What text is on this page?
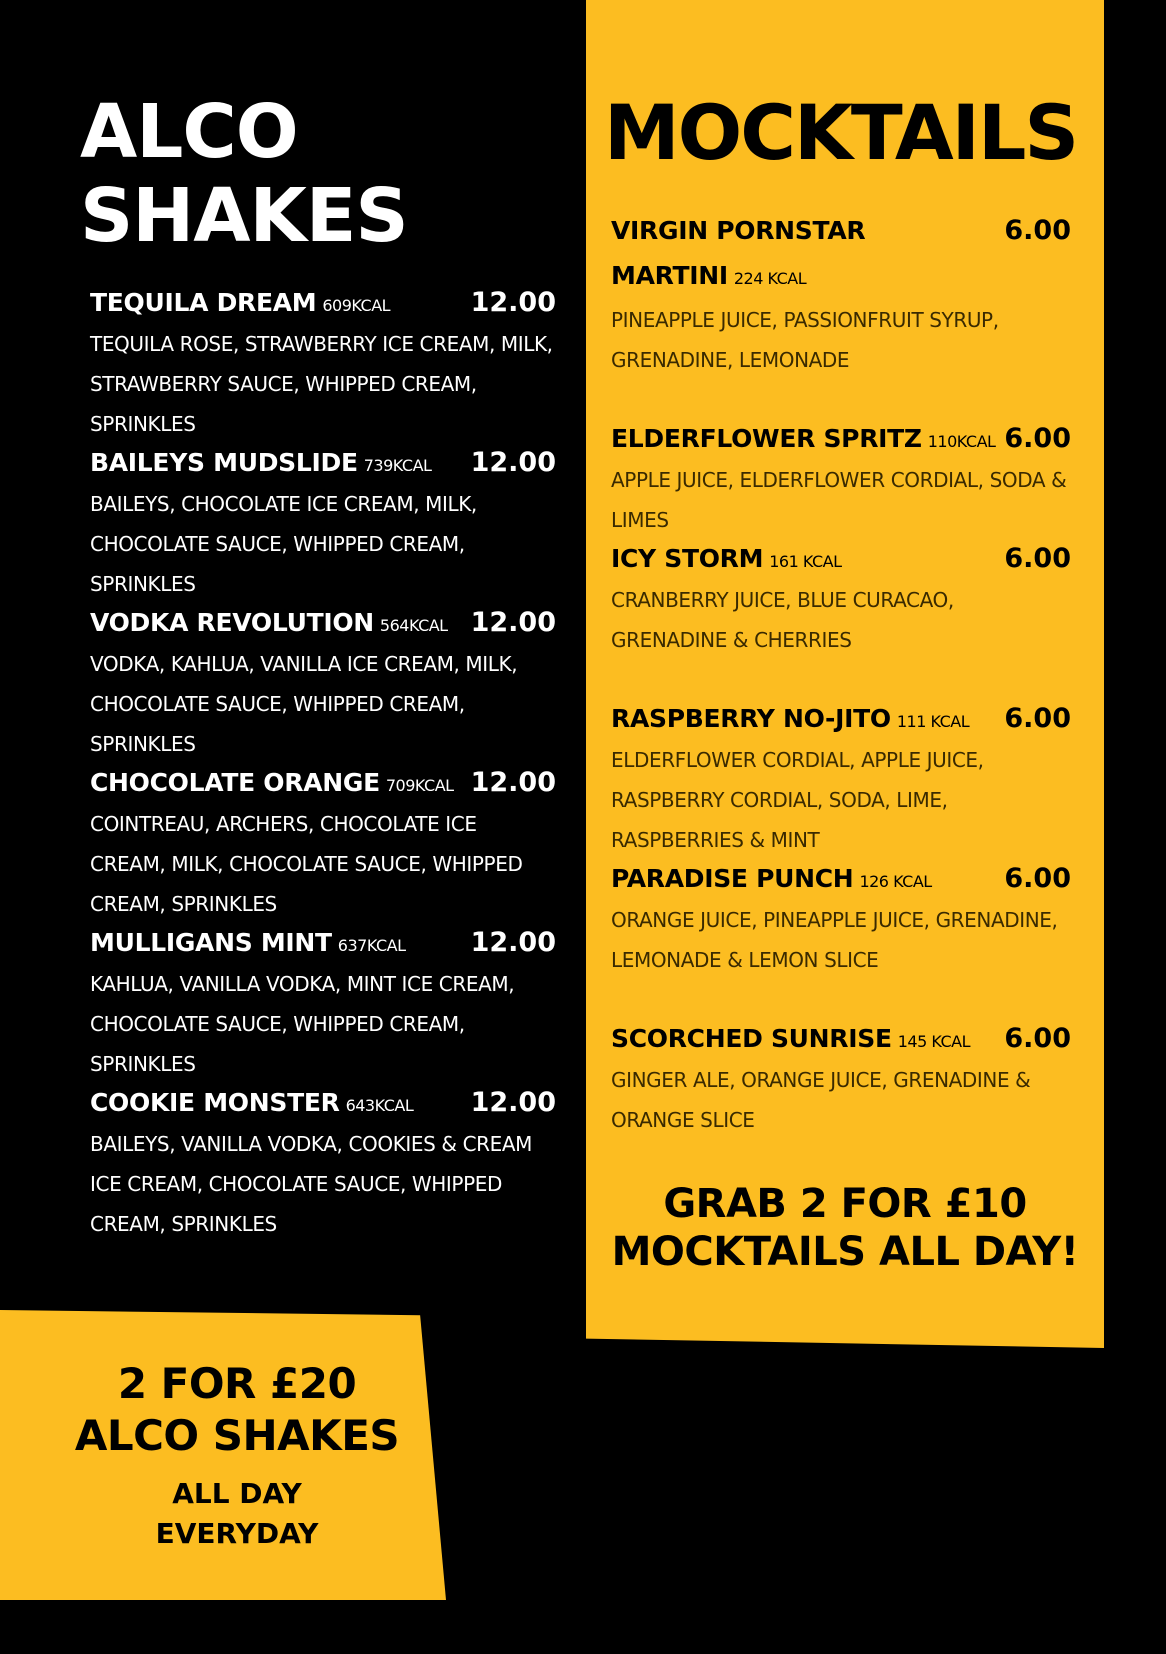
ALCO
SHAKES
TEQUILA DREAM 609KCAL	12.00
TEQUILA ROSE, STRAWBERRY ICE CREAM, MILK, STRAWBERRY SAUCE, WHIPPED CREAM, SPRINKLES
BAILEYS MUDSLIDE 739KCAL 12.00
BAILEYS, CHOCOLATE ICE CREAM, MILK, CHOCOLATE SAUCE, WHIPPED CREAM, SPRINKLES
VODKA REVOLUTION 564KCAL 12.00
VODKA, KAHLUA, VANILLA ICE CREAM, MILK, CHOCOLATE SAUCE, WHIPPED CREAM, SPRINKLES
CHOCOLATE ORANGE 709KCAL 12.00
COINTREAU, ARCHERS, CHOCOLATE ICE CREAM, MILK, CHOCOLATE SAUCE, WHIPPED CREAM, SPRINKLES
MULLIGANS MINT 637KCAL 12.00
KAHLUA, VANILLA VODKA, MINT ICE CREAM, CHOCOLATE SAUCE, WHIPPED CREAM, SPRINKLES
COOKIE MONSTER 643KCAL 12.00
BAILEYS, VANILLA VODKA, COOKIES & CREAM ICE CREAM, CHOCOLATE SAUCE, WHIPPED CREAM, SPRINKLES
MOCKTAILS
VIRGIN PORNSTAR	6.00
MARTINI 224 KCAL
PINEAPPLE JUICE, PASSIONFRUIT SYRUP, GRENADINE, LEMONADE
ELDERFLOWER SPRITZ 110KCAL 6.00
APPLE JUICE, ELDERFLOWER CORDIAL, SODA & LIMES
ICY STORM 161 KCAL	6.00
CRANBERRY JUICE, BLUE CURACAO, GRENADINE & CHERRIES
RASPBERRY NO-JITO 111 KCAL 6.00
ELDERFLOWER CORDIAL, APPLE JUICE, RASPBERRY CORDIAL, SODA, LIME, RASPBERRIES & MINT
PARADISE PUNCH 126 KCAL	6.00
ORANGE JUICE, PINEAPPLE JUICE, GRENADINE, LEMONADE & LEMON SLICE
SCORCHED SUNRISE 145 KCAL 6.00
GINGER ALE, ORANGE JUICE, GRENADINE & ORANGE SLICE
GRAB 2 FOR £10
MOCKTAILS ALL DAY!
2 FOR £20
ALCO SHAKES
ALL DAY
EVERYDAY
